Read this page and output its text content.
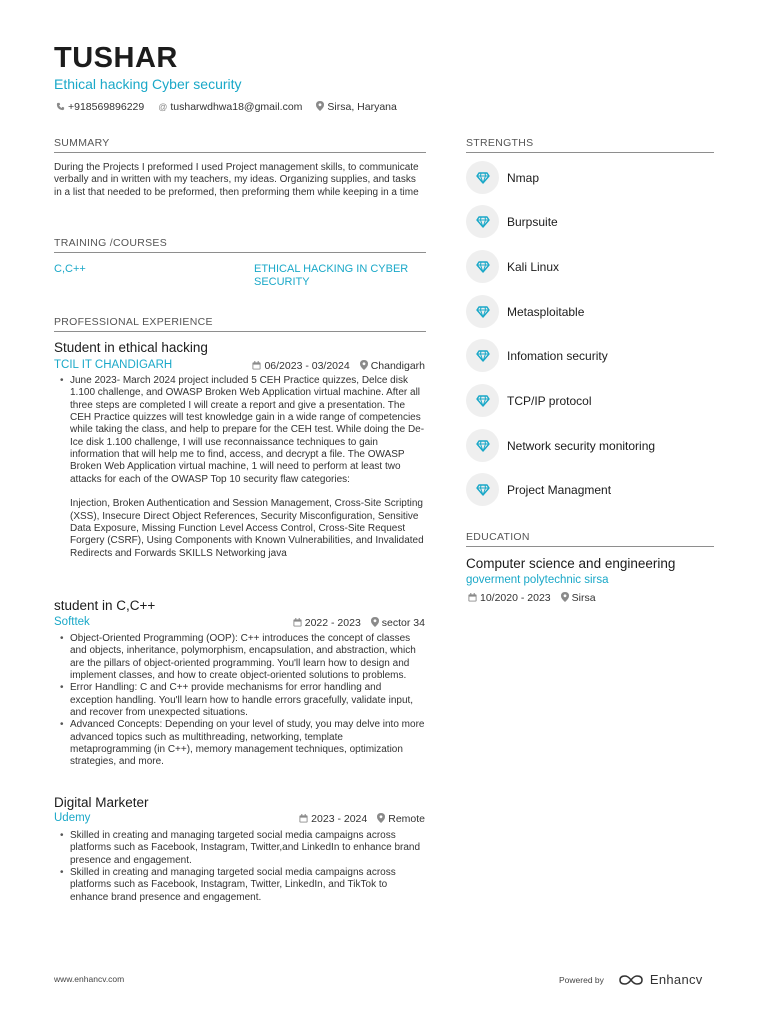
TUSHAR
Ethical hacking Cyber security
+918569896229 @ tusharwdhwa18@gmail.com Sirsa, Haryana
SUMMARY
During the Projects I preformed I used Project management skills, to communicate verbally and in written with my teachers, my ideas. Organizing supplies, and tasks in a list that needed to be preformed, then preforming them while keeping in a time
TRAINING /COURSES
C,C++	ETHICAL HACKING IN CYBER SECURITY
PROFESSIONAL EXPERIENCE
Student in ethical hacking
TCIL IT CHANDIGARH	06/2023 - 03/2024 Chandigarh
• June 2023- March 2024 project included 5 CEH Practice quizzes, Delce disk 1.100 challenge, and OWASP Broken Web Application virtual machine. After all three steps are completed I will create a report and give a presentation. The CEH Practice quizzes will test knowledge gain in a wide range of competencies while taking the class, and help to prepare for the CEH test. While doing the De-Ice disk 1.100 challenge, I will use reconnaissance techniques to gain information that will help me to find, access, and decrypt a file. The OWASP Broken Web Application virtual machine, 1 will need to perform at least two attacks for each of the OWASP Top 10 security flaw categories:

Injection, Broken Authentication and Session Management, Cross-Site Scripting (XSS), Insecure Direct Object References, Security Misconfiguration, Sensitive Data Exposure, Missing Function Level Access Control, Cross-Site Request Forgery (CSRF), Using Components with Known Vulnerabilities, and Invalidated Redirects and Forwards SKILLS Networking java
student in C,C++
Softtek	2022 - 2023 sector 34
• Object-Oriented Programming (OOP): C++ introduces the concept of classes and objects, inheritance, polymorphism, encapsulation, and abstraction, which are the pillars of object-oriented programming. You'll learn how to design and implement classes, and how to create object-oriented solutions to problems.
• Error Handling: C and C++ provide mechanisms for error handling and exception handling. You'll learn how to handle errors gracefully, validate input, and recover from unexpected situations.
• Advanced Concepts: Depending on your level of study, you may delve into more advanced topics such as multithreading, networking, template metaprogramming (in C++), memory management techniques, optimization strategies, and more.
Digital Marketer
Udemy	2023 - 2024 Remote
• Skilled in creating and managing targeted social media campaigns across platforms such as Facebook, Instagram, Twitter,and LinkedIn to enhance brand presence and engagement.
• Skilled in creating and managing targeted social media campaigns across platforms such as Facebook, Instagram, Twitter, LinkedIn, and TikTok to enhance brand presence and engagement.
STRENGTHS
Nmap
Burpsuite
Kali Linux
Metasploitable
Infomation security
TCP/IP protocol
Network security monitoring
Project Managment
EDUCATION
Computer science and engineering
goverment polytechnic sirsa
10/2020 - 2023 Sirsa
www.enhancv.com	Powered by	Enhancv
